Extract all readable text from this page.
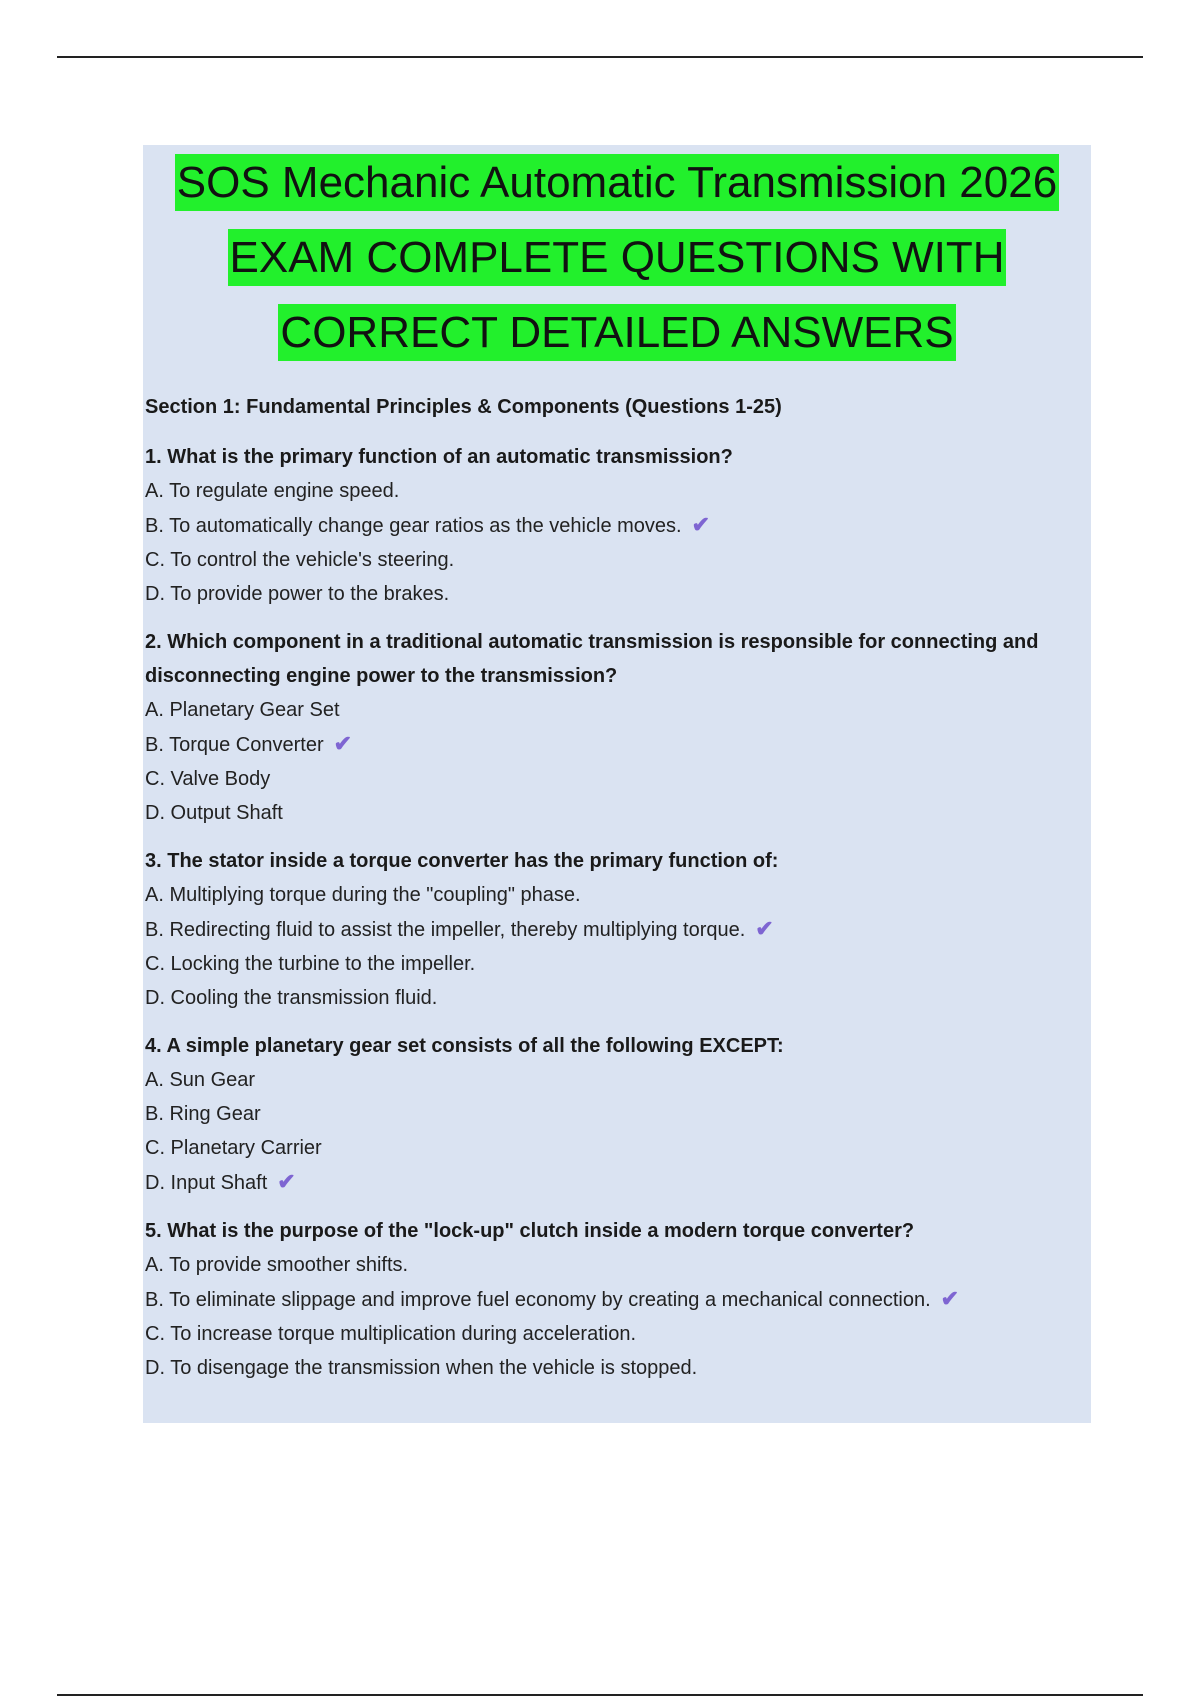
SOS Mechanic Automatic Transmission 2026
EXAM COMPLETE QUESTIONS WITH
CORRECT DETAILED ANSWERS
Section 1: Fundamental Principles & Components (Questions 1-25)
1. What is the primary function of an automatic transmission?
A. To regulate engine speed.
B. To automatically change gear ratios as the vehicle moves. ✔
C. To control the vehicle's steering.
D. To provide power to the brakes.
2. Which component in a traditional automatic transmission is responsible for connecting and disconnecting engine power to the transmission?
A. Planetary Gear Set
B. Torque Converter ✔
C. Valve Body
D. Output Shaft
3. The stator inside a torque converter has the primary function of:
A. Multiplying torque during the "coupling" phase.
B. Redirecting fluid to assist the impeller, thereby multiplying torque. ✔
C. Locking the turbine to the impeller.
D. Cooling the transmission fluid.
4. A simple planetary gear set consists of all the following EXCEPT:
A. Sun Gear
B. Ring Gear
C. Planetary Carrier
D. Input Shaft ✔
5. What is the purpose of the "lock-up" clutch inside a modern torque converter?
A. To provide smoother shifts.
B. To eliminate slippage and improve fuel economy by creating a mechanical connection. ✔
C. To increase torque multiplication during acceleration.
D. To disengage the transmission when the vehicle is stopped.
